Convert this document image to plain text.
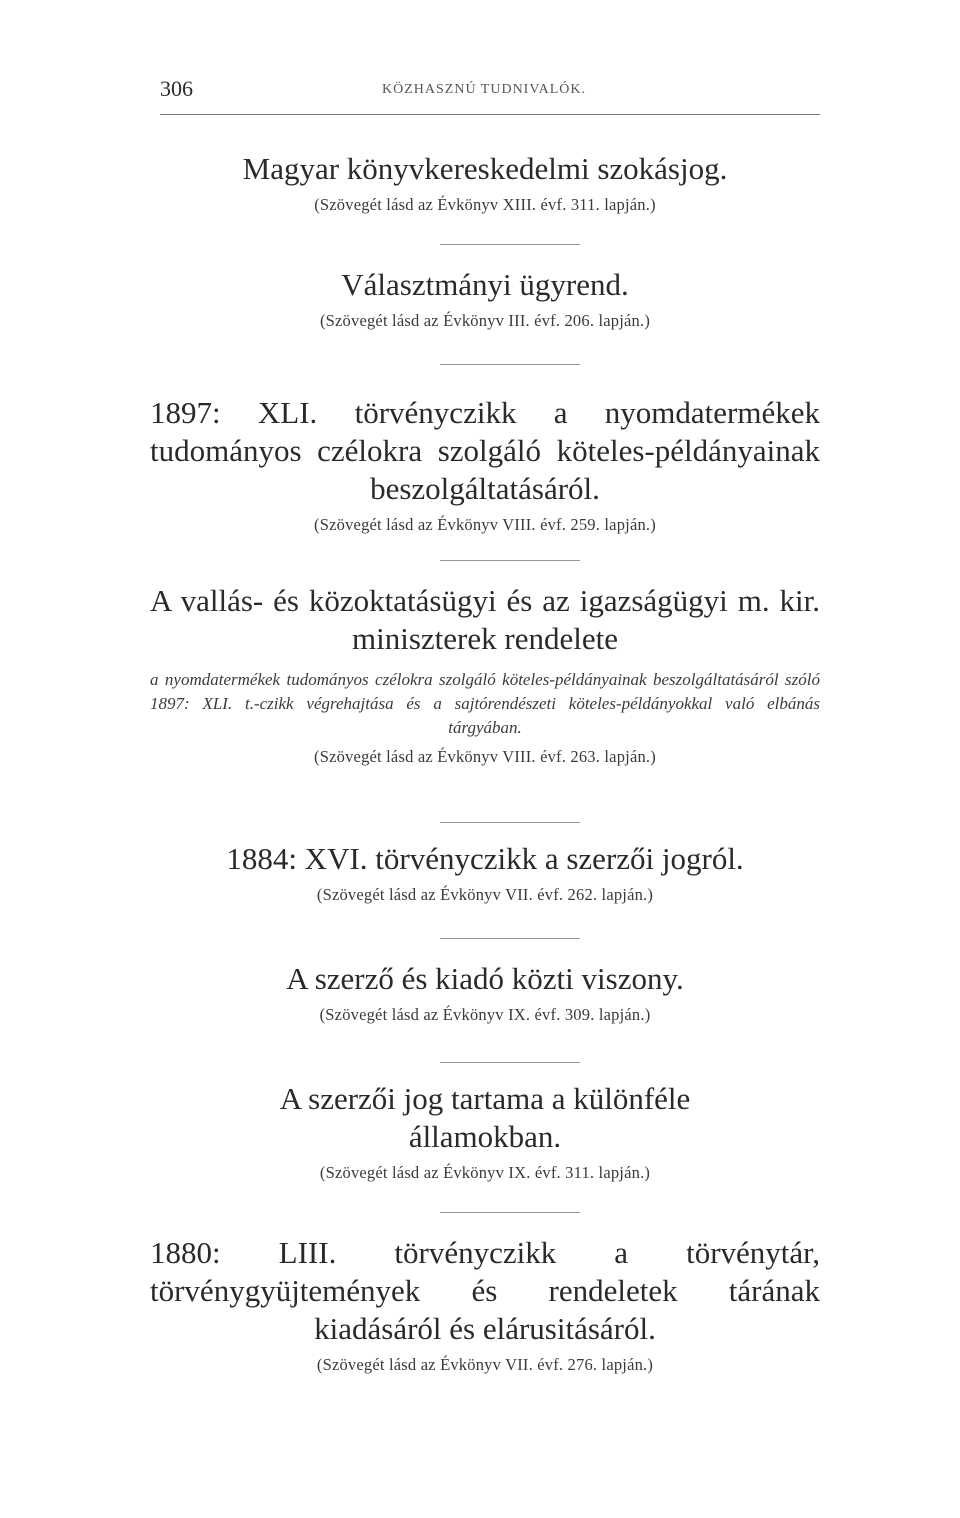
306	KÖZHASZNÚ TUDNIVALÓK.
Magyar könyvkereskedelmi szokásjog.
(Szövegét lásd az Évkönyv XIII. évf. 311. lapján.)
Választmányi ügyrend.
(Szövegét lásd az Évkönyv III. évf. 206. lapján.)
1897: XLI. törvényczikk a nyomdatermékek tudományos czélokra szolgáló köteles-példányainak beszolgáltatásáról.
(Szövegét lásd az Évkönyv VIII. évf. 259. lapján.)
A vallás- és közoktatásügyi és az igazságügyi m. kir. miniszterek rendelete
a nyomdatermékek tudományos czélokra szolgáló köteles-példányainak beszolgáltatásáról szóló 1897: XLI. t.-czikk végrehajtása és a sajtórendészeti köteles-példányokkal való elbánás tárgyában.
(Szövegét lásd az Évkönyv VIII. évf. 263. lapján.)
1884: XVI. törvényczikk a szerzői jogról.
(Szövegét lásd az Évkönyv VII. évf. 262. lapján.)
A szerző és kiadó közti viszony.
(Szövegét lásd az Évkönyv IX. évf. 309. lapján.)
A szerzői jog tartama a különféle államokban.
(Szövegét lásd az Évkönyv IX. évf. 311. lapján.)
1880: LIII. törvényczikk a törvénytár, törvénygyüjtemények és rendeletek tárának kiadásáról és elárusitásáról.
(Szövegét lásd az Évkönyv VII. évf. 276. lapján.)
